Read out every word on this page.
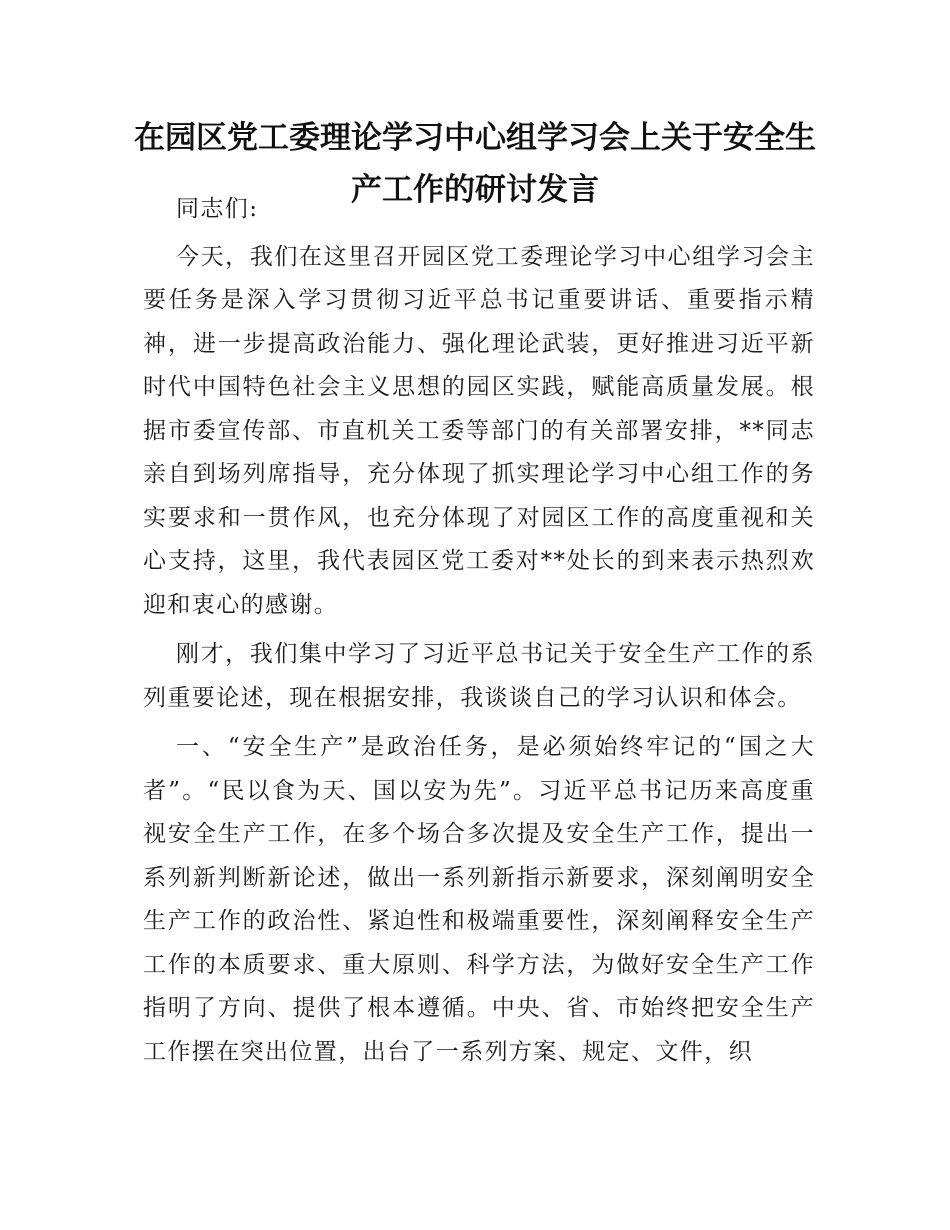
在园区党工委理论学习中心组学习会上关于安全生产工作的研讨发言

同志们:

今天，我们在这里召开园区党工委理论学习中心组学习会主要任务是深入学习贯彻习近平总书记重要讲话、重要指示精神，进一步提高政治能力、强化理论武装，更好推进习近平新时代中国特色社会主义思想的园区实践，赋能高质量发展。根据市委宣传部、市直机关工委等部门的有关部署安排，**同志亲自到场列席指导，充分体现了抓实理论学习中心组工作的务实要求和一贯作风，也充分体现了对园区工作的高度重视和关心支持，这里，我代表园区党工委对**处长的到来表示热烈欢迎和衷心的感谢。

刚才，我们集中学习了习近平总书记关于安全生产工作的系列重要论述，现在根据安排，我谈谈自己的学习认识和体会。

一、“安全生产”是政治任务，是必须始终牢记的“国之大者”。“民以食为天、国以安为先”。习近平总书记历来高度重视安全生产工作，在多个场合多次提及安全生产工作，提出一系列新判断新论述，做出一系列新指示新要求，深刻阐明安全生产工作的政治性、紧迫性和极端重要性，深刻阐释安全生产工作的本质要求、重大原则、科学方法，为做好安全生产工作指明了方向、提供了根本遵循。中央、省、市始终把安全生产工作摆在突出位置，出台了一系列方案、规定、文件，织
